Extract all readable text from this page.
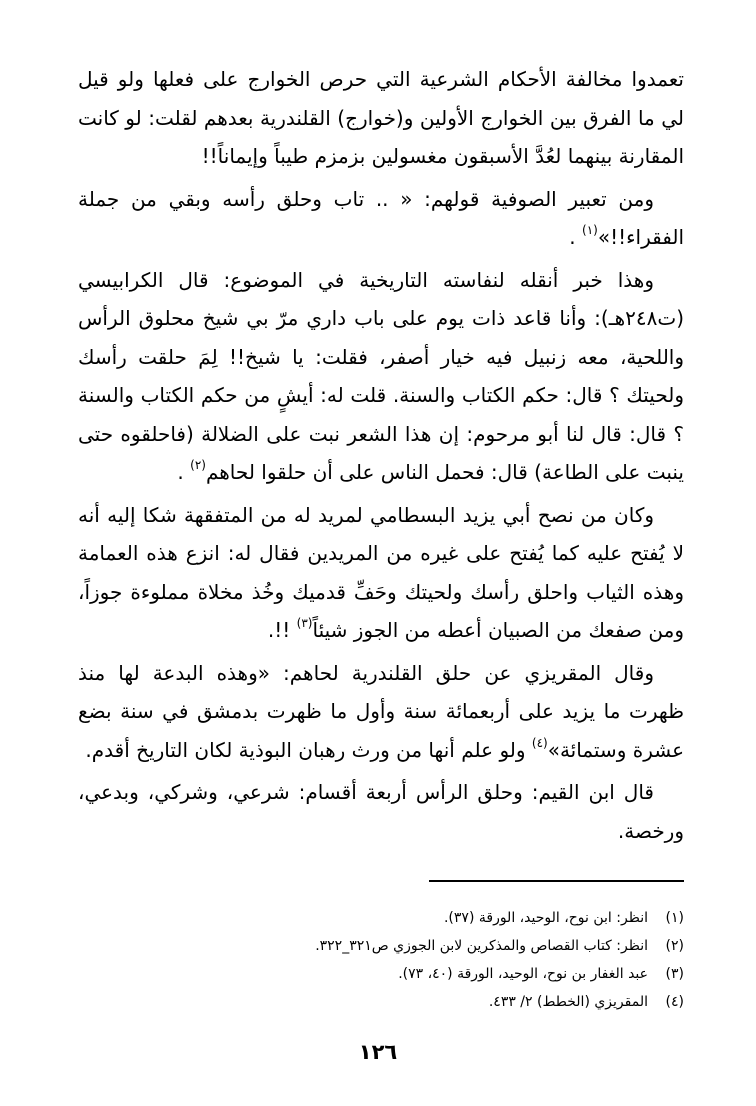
تعمدوا مخالفة الأحكام الشرعية التي حرص الخوارج على فعلها ولو قيل لي ما الفرق بين الخوارج الأولين و(خوارج) القلندرية بعدهم لقلت: لو كانت المقارنة بينهما لعُدَّ الأسبقون مغسولين بزمزم طيباً وإيماناً!!

ومن تعبير الصوفية قولهم: « .. تاب وحلق رأسه وبقي من جملة الفقراء!!»$^{(١)}$ .

وهذا خبر أنقله لنفاسته التاريخية في الموضوع: قال الكرابيسي (ت٢٤٨هـ): وأنا قاعد ذات يوم على باب داري مرّ بي شيخ محلوق الرأس واللحية، معه زنبيل فيه خيار أصفر، فقلت: يا شيخ!! لِمَ حلقت رأسك ولحيتك ؟ قال: حكم الكتاب والسنة. قلت له: أيشٍ من حكم الكتاب والسنة ؟ قال: قال لنا أبو مرحوم: إن هذا الشعر نبت على الضلالة (فاحلقوه حتى ينبت على الطاعة) قال: فحمل الناس على أن حلقوا لحاهم$^{(٢)}$ .

وكان من نصح أبي يزيد البسطامي لمريد له من المتفقهة شكا إليه أنه لا يُفتح عليه كما يُفتح على غيره من المريدين فقال له: انزع هذه العمامة وهذه الثياب واحلق رأسك ولحيتك وحَفِّ قدميك وخُذ مخلاة مملوءة جوزاً، ومن صفعك من الصبيان أعطه من الجوز شيئاً$^{(٣)}$ !!.

وقال المقريزي عن حلق القلندرية لحاهم: «وهذه البدعة لها منذ ظهرت ما يزيد على أربعمائة سنة وأول ما ظهرت بدمشق في سنة بضع عشرة وستمائة»$^{(٤)}$ ولو علم أنها من ورث رهبان البوذية لكان التاريخ أقدم.

قال ابن القيم: وحلق الرأس أربعة أقسام: شرعي، وشركي، وبدعي، ورخصة.

(١)
انظر: ابن نوح، الوحيد، الورقة (٣٧).
(٢)
انظر: كتاب القصاص والمذكرين لابن الجوزي ص٣٢١_٣٢٢.
(٣)
عبد الغفار بن نوح، الوحيد، الورقة (٤٠، ٧٣).
(٤)
المقريزي (الخطط) ٢/ ٤٣٣.
١٢٦
